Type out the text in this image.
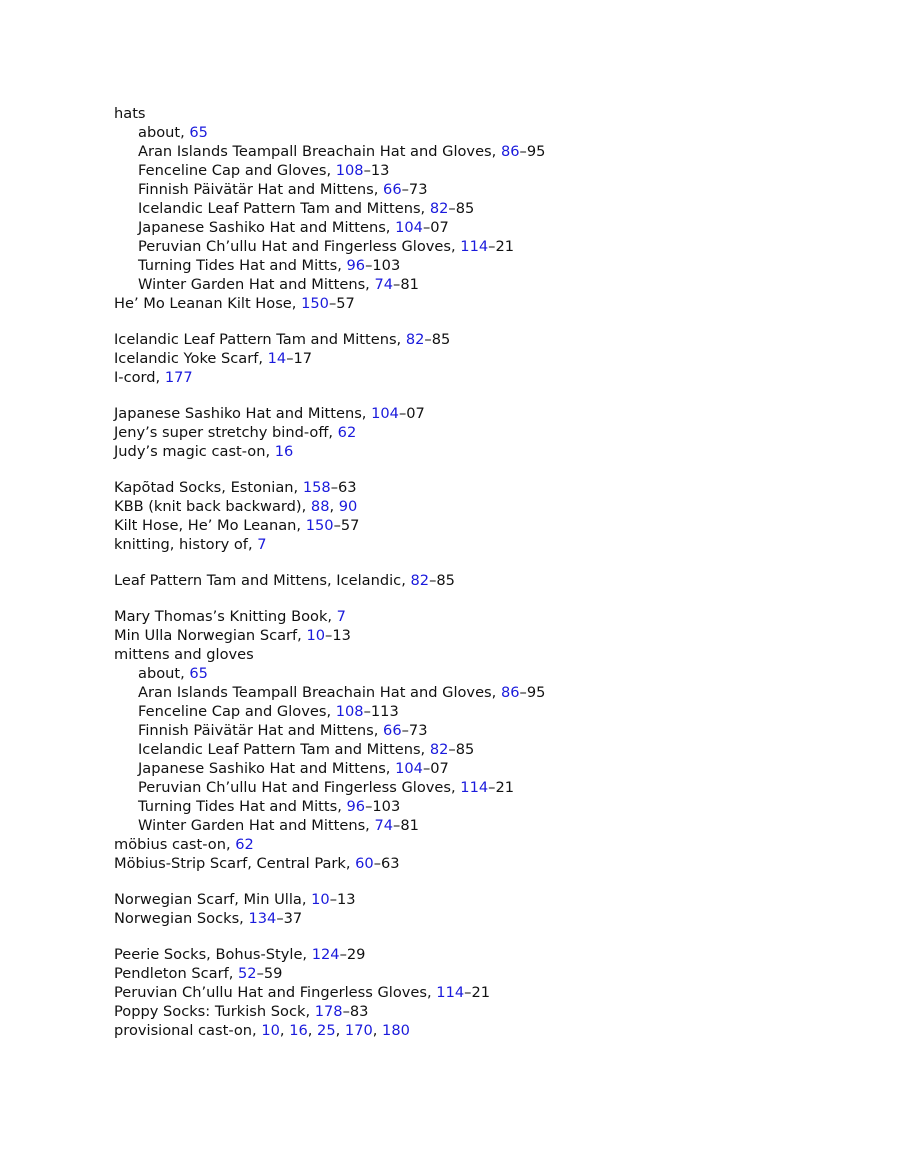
hats
about, 65
Aran Islands Teampall Breachain Hat and Gloves, 86–95
Fenceline Cap and Gloves, 108–13
Finnish Päivätär Hat and Mittens, 66–73
Icelandic Leaf Pattern Tam and Mittens, 82–85
Japanese Sashiko Hat and Mittens, 104–07
Peruvian Ch’ullu Hat and Fingerless Gloves, 114–21
Turning Tides Hat and Mitts, 96–103
Winter Garden Hat and Mittens, 74–81
He’ Mo Leanan Kilt Hose, 150–57
Icelandic Leaf Pattern Tam and Mittens, 82–85
Icelandic Yoke Scarf, 14–17
I-cord, 177
Japanese Sashiko Hat and Mittens, 104–07
Jeny’s super stretchy bind-off, 62
Judy’s magic cast-on, 16
Kapõtad Socks, Estonian, 158–63
KBB (knit back backward), 88, 90
Kilt Hose, He’ Mo Leanan, 150–57
knitting, history of, 7
Leaf Pattern Tam and Mittens, Icelandic, 82–85
Mary Thomas’s Knitting Book, 7
Min Ulla Norwegian Scarf, 10–13
mittens and gloves
about, 65
Aran Islands Teampall Breachain Hat and Gloves, 86–95
Fenceline Cap and Gloves, 108–113
Finnish Päivätär Hat and Mittens, 66–73
Icelandic Leaf Pattern Tam and Mittens, 82–85
Japanese Sashiko Hat and Mittens, 104–07
Peruvian Ch’ullu Hat and Fingerless Gloves, 114–21
Turning Tides Hat and Mitts, 96–103
Winter Garden Hat and Mittens, 74–81
möbius cast-on, 62
Möbius-Strip Scarf, Central Park, 60–63
Norwegian Scarf, Min Ulla, 10–13
Norwegian Socks, 134–37
Peerie Socks, Bohus-Style, 124–29
Pendleton Scarf, 52–59
Peruvian Ch’ullu Hat and Fingerless Gloves, 114–21
Poppy Socks: Turkish Sock, 178–83
provisional cast-on, 10, 16, 25, 170, 180
